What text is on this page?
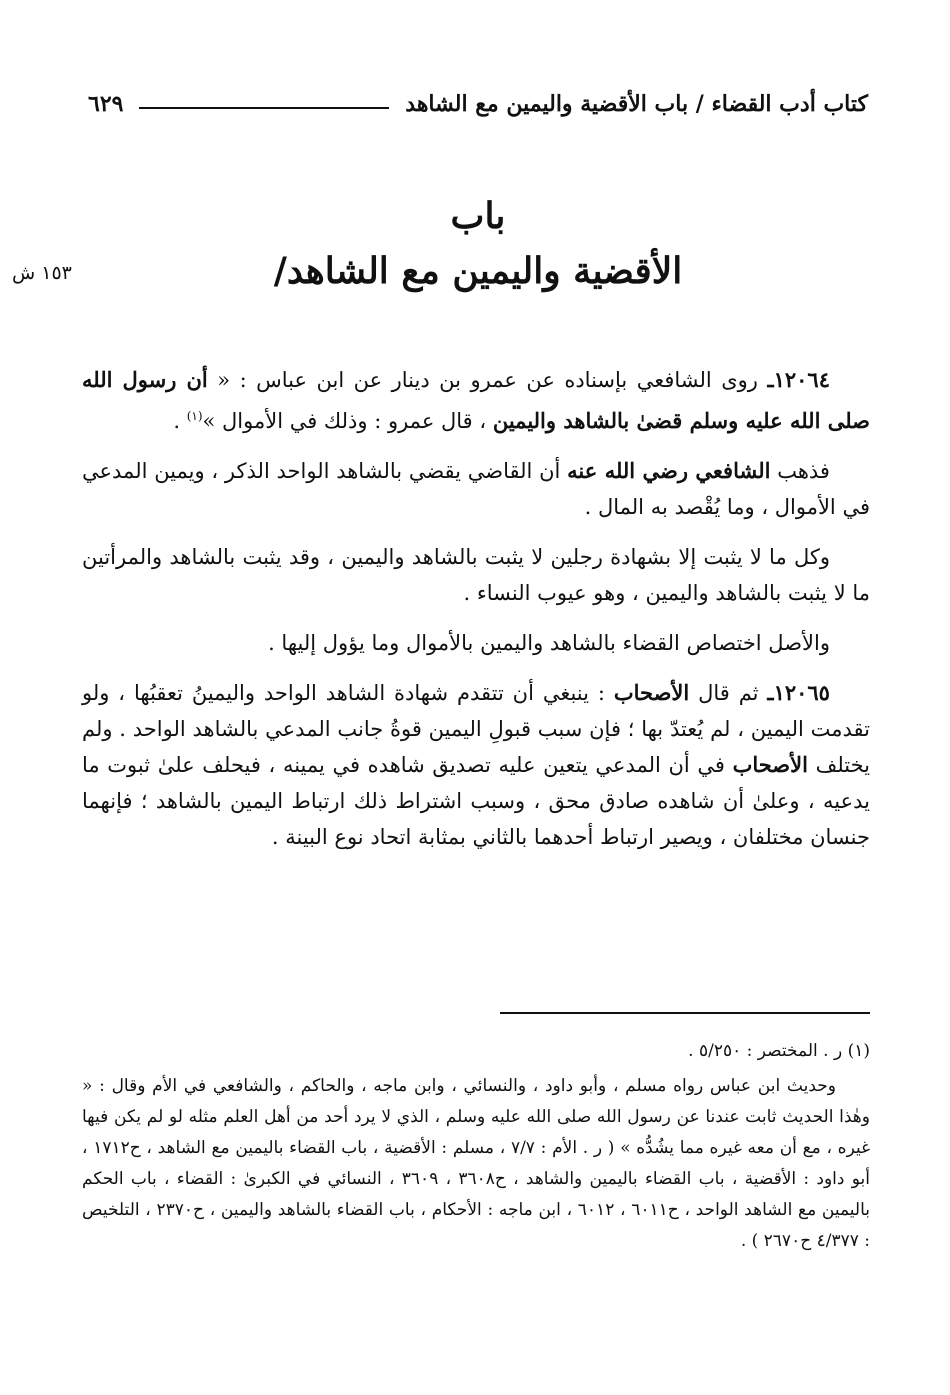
كتاب أدب القضاء / باب الأقضية واليمين مع الشاهد
٦٢٩
باب
الأقضية واليمين مع الشاهد/
١٥٣ ش

١٢٠٦٤ـ روى الشافعي بإسناده عن عمرو بن دينار عن ابن عباس : « أن رسول الله صلى الله عليه وسلم قضىٰ بالشاهد واليمين ، قال عمرو : وذلك في الأموال »$^{(١)}$ .

فذهب الشافعي رضي الله عنه أن القاضي يقضي بالشاهد الواحد الذكر ، ويمين المدعي في الأموال ، وما يُقْصد به المال .

وكل ما لا يثبت إلا بشهادة رجلين لا يثبت بالشاهد واليمين ، وقد يثبت بالشاهد والمرأتين ما لا يثبت بالشاهد واليمين ، وهو عيوب النساء .

والأصل اختصاص القضاء بالشاهد واليمين بالأموال وما يؤول إليها .

١٢٠٦٥ـ ثم قال الأصحاب : ينبغي أن تتقدم شهادة الشاهد الواحد واليمينُ تعقبُها ، ولو تقدمت اليمين ، لم يُعتدّ بها ؛ فإن سبب قبولِ اليمين قوةُ جانب المدعي بالشاهد الواحد . ولم يختلف الأصحاب في أن المدعي يتعين عليه تصديق شاهده في يمينه ، فيحلف علىٰ ثبوت ما يدعيه ، وعلىٰ أن شاهده صادق محق ، وسبب اشتراط ذلك ارتباط اليمين بالشاهد ؛ فإنهما جنسان مختلفان ، ويصير ارتباط أحدهما بالثاني بمثابة اتحاد نوع البينة .

(١) ر . المختصر : ٥/٢٥٠ .

وحديث ابن عباس رواه مسلم ، وأبو داود ، والنسائي ، وابن ماجه ، والحاكم ، والشافعي في الأم وقال : « وهٰذا الحديث ثابت عندنا عن رسول الله صلى الله عليه وسلم ، الذي لا يرد أحد من أهل العلم مثله لو لم يكن فيها غيره ، مع أن معه غيره مما يشُدُّه » ( ر . الأم : ٧/٧ ، مسلم : الأقضية ، باب القضاء باليمين مع الشاهد ، ح١٧١٢ ، أبو داود : الأقضية ، باب القضاء باليمين والشاهد ، ح٣٦٠٨ ، ٣٦٠٩ ، النسائي في الكبرىٰ : القضاء ، باب الحكم باليمين مع الشاهد الواحد ، ح٦٠١١ ، ٦٠١٢ ، ابن ماجه : الأحكام ، باب القضاء بالشاهد واليمين ، ح٢٣٧٠ ، التلخيص : ٤/٣٧٧ ح٢٦٧٠ ) .
